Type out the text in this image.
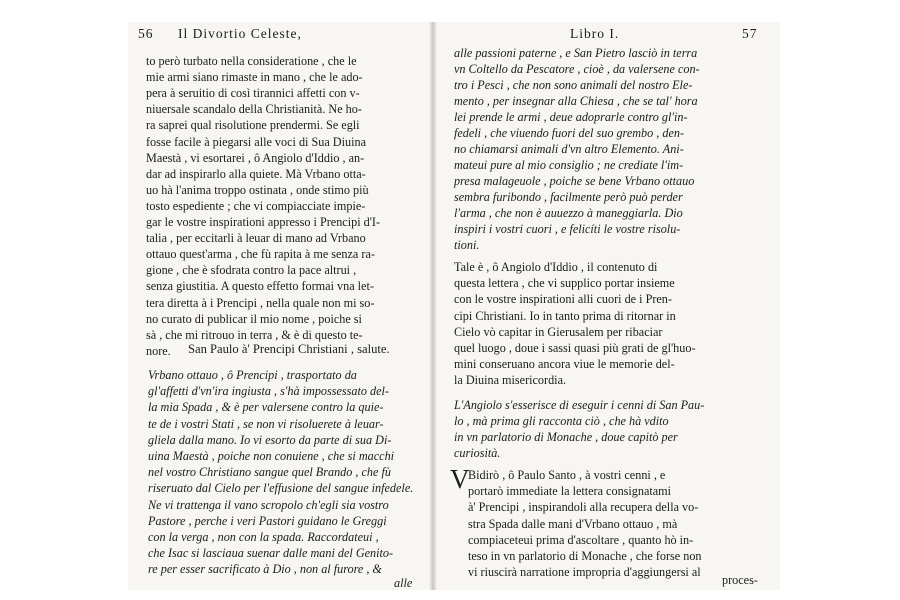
56 Il Divortio Celeste,
to però turbato nella consideratione , che le
mie armi siano rimaste in mano , che le ado-
pera à seruitio di così tirannici affetti con v-
niuersale scandalo della Christianità. Ne ho-
ra saprei qual risolutione prendermi. Se egli
fosse facile à piegarsi alle voci di Sua Diuina
Maestà , vi esortarei , ô Angiolo d'Iddio , an-
dar ad inspirarlo alla quiete. Mà Vrbano otta-
uo hà l'anima troppo ostinata , onde stimo più
tosto espediente ; che vi compiacciate impie-
gar le vostre inspirationi appresso i Prencipi d'I-
talia , per eccitarli à leuar di mano ad Vrbano
ottauo quest'arma , che fù rapita à me senza ra-
gione , che è sfodrata contro la pace altrui ,
senza giustitia. A questo effetto formai vna let-
tera diretta à i Prencipi , nella quale non mi so-
no curato di publicar il mio nome , poiche si
sà , che mi ritrouo in terra , & è di questo te-
nore. San Paulo à' Prencipi Christiani , salute.
Vrbano ottauo , ô Prencipi , trasportato da
gl'affetti d'vn'ira ingiusta , s'hà impossessato del-
la mia Spada , & è per valersene contro la quie-
te de i vostri Stati , se non vi risoluerete à leuar-
gliela dalla mano. Io vi esorto da parte di sua Di-
uina Maestà , poiche non conuiene , che si macchi
nel vostro Christiano sangue quel Brando , che fù
riseruato dal Cielo per l'effusione del sangue infedele.
Ne vi trattenga il vano scropolo ch'egli sia vostro
Pastore , perche i veri Pastori guidano le Greggi
con la verga , non con la spada. Raccordateui ,
che Isac si lasciaua suenar dalle mani del Genito-
re per esser sacrificato à Dio , non al furore , &
alle
Libro I.	57
alle passioni paterne , e San Pietro lasciò in terra
vn Coltello da Pescatore , cioè , da valersene con-
tro i Pesci , che non sono animali del nostro Ele-
mento , per insegnar alla Chiesa , che se tal' hora
lei prende le armi , deue adoprarle contro gl'in-
fedeli , che viuendo fuori del suo grembo , den-
no chiamarsi animali d'vn altro Elemento. Ani-
mateui pure al mio consiglio ; ne crediate l'im-
presa malageuole , poiche se bene Vrbano ottauo
sembra furibondo , facilmente però può perder
l'arma , che non è auuezzo à maneggiarla. Dio
inspiri i vostri cuori , e felicíti le vostre risolu-
tioni.
Tale è , ô Angiolo d'Iddio , il contenuto di
questa lettera , che vi supplico portar insieme
con le vostre inspirationi alli cuori de i Pren-
cipi Christiani. Io in tanto prima di ritornar in
Cielo vò capitar in Gierusalem per ribaciar
quel luogo , doue i sassi quasi più grati de gl'huo-
mini conseruano ancora viue le memorie del-
la Diuina misericordia.
L'Angiolo s'esserisce di eseguir i cenni di San Pau-
lo , mà prima gli racconta ciò , che hà vdito
in vn parlatorio di Monache , doue capitò per
curiosità.
V
Bidirò , ô Paulo Santo , à vostri cenni , e
portarò immediate la lettera consignatami
à' Prencipi , inspirandoli alla recupera della vo-
stra Spada dalle mani d'Vrbano ottauo , mà
compiaceteui prima d'ascoltare , quanto hò in-
teso in vn parlatorio di Monache , che forse non
vi riuscirà narratione impropria d'aggiungersi al
proces-
